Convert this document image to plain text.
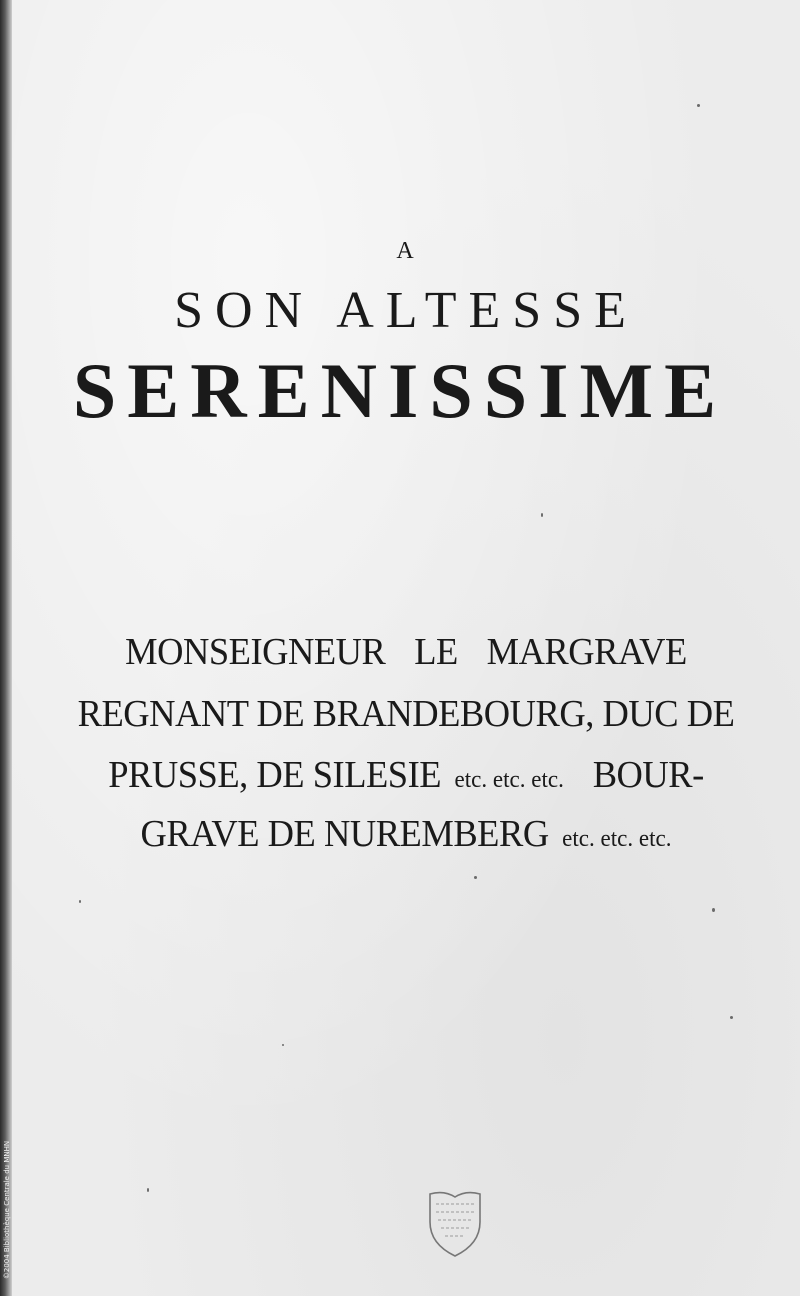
A
SON ALTESSE
SERENISSIME
MONSEIGNEUR LE MARGRAVE
REGNANT DE BRANDEBOURG, DUC DE
PRUSSE, DE SILESIE etc. etc. etc. BOUR-
GRAVE DE NUREMBERG etc. etc. etc.
©2004 Bibliothèque Centrale du MNHN
